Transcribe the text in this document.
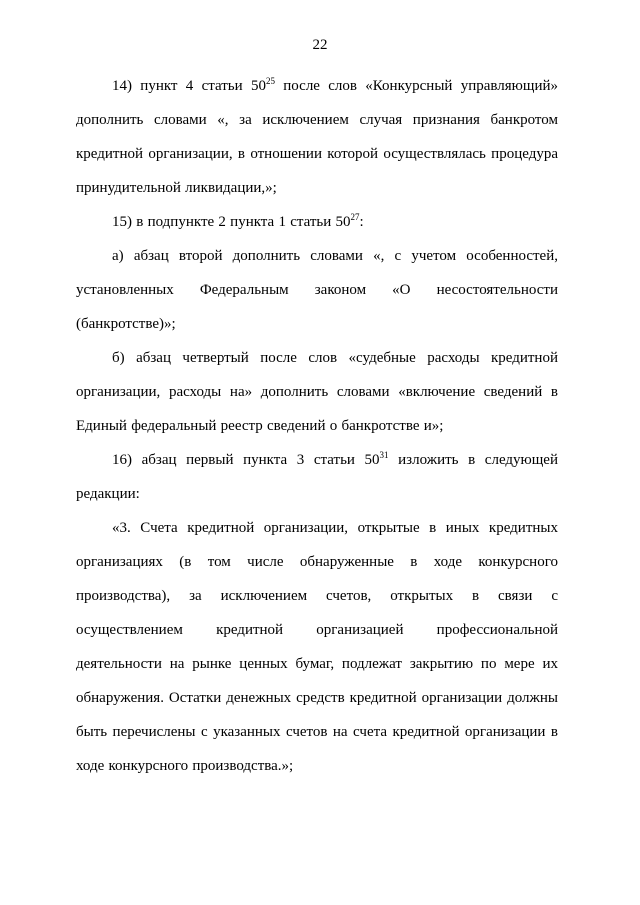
22

14) пункт 4 статьи $50^{25}$ после слов «Конкурсный управляющий» дополнить словами «, за исключением случая признания банкротом кредитной организации, в отношении которой осуществлялась процедура принудительной ликвидации,»;

15) в подпункте 2 пункта 1 статьи $50^{27}$:

а) абзац второй дополнить словами «, с учетом особенностей, установленных Федеральным законом «О несостоятельности (банкротстве)»;

б) абзац четвертый после слов «судебные расходы кредитной организации, расходы на» дополнить словами «включение сведений в Единый федеральный реестр сведений о банкротстве и»;

16) абзац первый пункта 3 статьи $50^{31}$ изложить в следующей редакции:

«3. Счета кредитной организации, открытые в иных кредитных организациях (в том числе обнаруженные в ходе конкурсного производства), за исключением счетов, открытых в связи с осуществлением кредитной организацией профессиональной деятельности на рынке ценных бумаг, подлежат закрытию по мере их обнаружения. Остатки денежных средств кредитной организации должны быть перечислены с указанных счетов на счета кредитной организации в ходе конкурсного производства.»;
